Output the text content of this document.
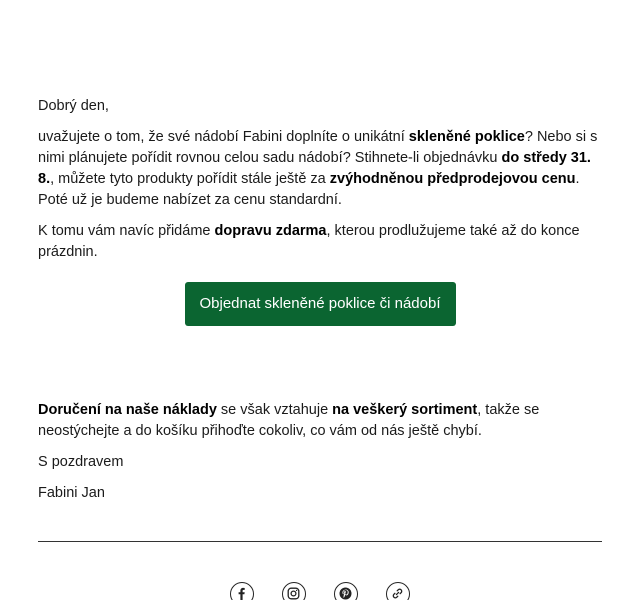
Dobrý den,

uvažujete o tom, že své nádobí Fabini doplníte o unikátní skleněné poklice? Nebo si s nimi plánujete pořídit rovnou celou sadu nádobí? Stihnete-li objednávku do středy 31. 8., můžete tyto produkty pořídit stále ještě za zvýhodněnou předprodejovou cenu. Poté už je budeme nabízet za cenu standardní.

K tomu vám navíc přidáme dopravu zdarma, kterou prodlužujeme také až do konce prázdnin.

Objednat skleněné poklice či nádobí

Doručení na naše náklady se však vztahuje na veškerý sortiment, takže se neostýchejte a do košíku přihoďte cokoliv, co vám od nás ještě chybí.

S pozdravem

Fabini Jan
